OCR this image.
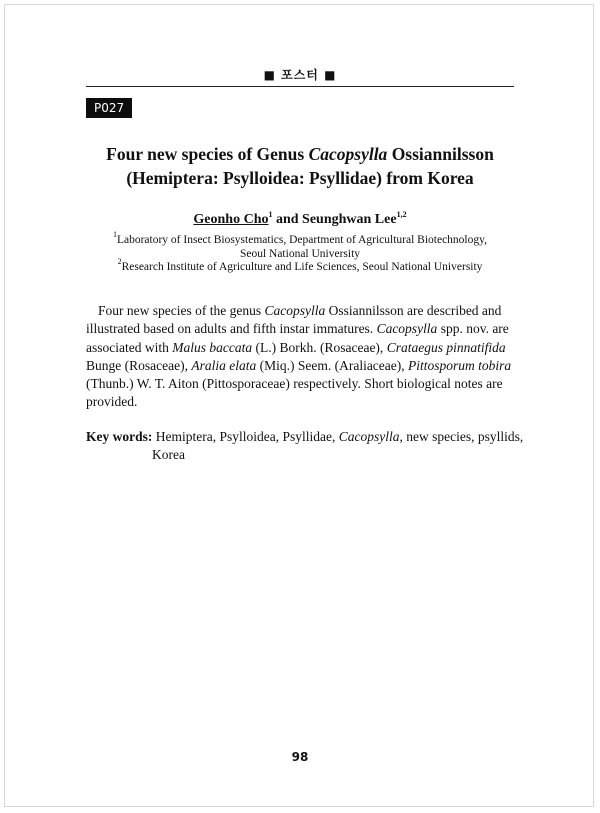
■ 포스터 ■
P027
Four new species of Genus Cacopsylla Ossiannilsson
(Hemiptera: Psylloidea: Psyllidae) from Korea
Geonho Cho$^1$ and Seunghwan Lee$^{1,2}$
$^1$Laboratory of Insect Biosystematics, Department of Agricultural Biotechnology,
Seoul National University
$^2$Research Institute of Agriculture and Life Sciences, Seoul National University
Four new species of the genus Cacopsylla Ossiannilsson are described and
illustrated based on adults and fifth instar immatures. Cacopsylla spp. nov. are
associated with Malus baccata (L.) Borkh. (Rosaceae), Crataegus pinnatifida
Bunge (Rosaceae), Aralia elata (Miq.) Seem. (Araliaceae), Pittosporum tobira
(Thunb.) W. T. Aiton (Pittosporaceae) respectively. Short biological notes are
provided.
Key words: Hemiptera, Psylloidea, Psyllidae, Cacopsylla, new species, psyllids,
Korea
98
